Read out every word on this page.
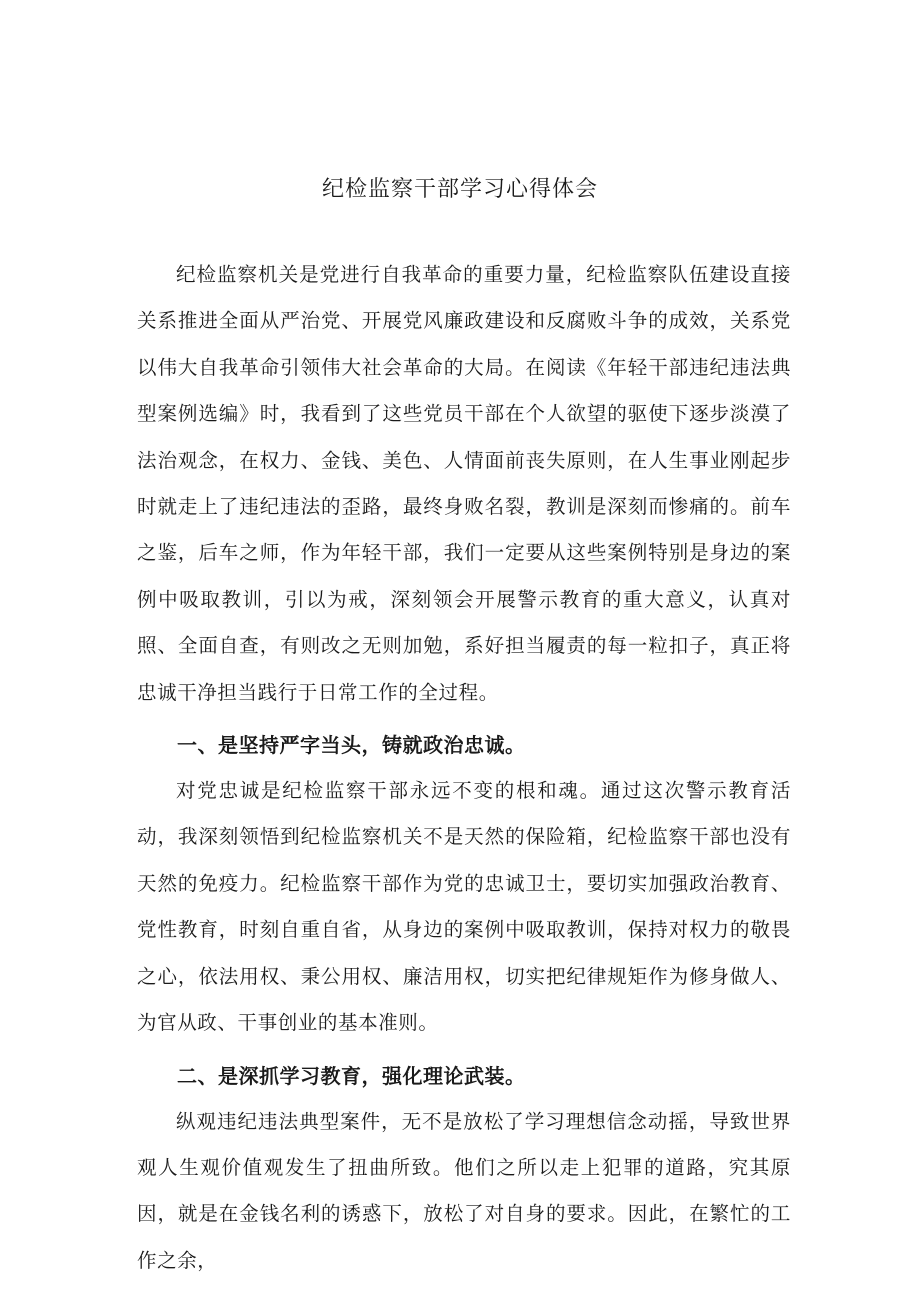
纪检监察干部学习心得体会

纪检监察机关是党进行自我革命的重要力量，纪检监察队伍建设直接关系推进全面从严治党、开展党风廉政建设和反腐败斗争的成效，关系党以伟大自我革命引领伟大社会革命的大局。在阅读《年轻干部违纪违法典型案例选编》时，我看到了这些党员干部在个人欲望的驱使下逐步淡漠了法治观念，在权力、金钱、美色、人情面前丧失原则，在人生事业刚起步时就走上了违纪违法的歪路，最终身败名裂，教训是深刻而惨痛的。前车之鉴，后车之师，作为年轻干部，我们一定要从这些案例特别是身边的案例中吸取教训，引以为戒，深刻领会开展警示教育的重大意义，认真对照、全面自查，有则改之无则加勉，系好担当履责的每一粒扣子，真正将忠诚干净担当践行于日常工作的全过程。

一、是坚持严字当头，铸就政治忠诚。

对党忠诚是纪检监察干部永远不变的根和魂。通过这次警示教育活动，我深刻领悟到纪检监察机关不是天然的保险箱，纪检监察干部也没有天然的免疫力。纪检监察干部作为党的忠诚卫士，要切实加强政治教育、党性教育，时刻自重自省，从身边的案例中吸取教训，保持对权力的敬畏之心，依法用权、秉公用权、廉洁用权，切实把纪律规矩作为修身做人、为官从政、干事创业的基本准则。

二、是深抓学习教育，强化理论武装。

纵观违纪违法典型案件，无不是放松了学习理想信念动摇，导致世界观人生观价值观发生了扭曲所致。他们之所以走上犯罪的道路，究其原因，就是在金钱名利的诱惑下，放松了对自身的要求。因此，在繁忙的工作之余，
